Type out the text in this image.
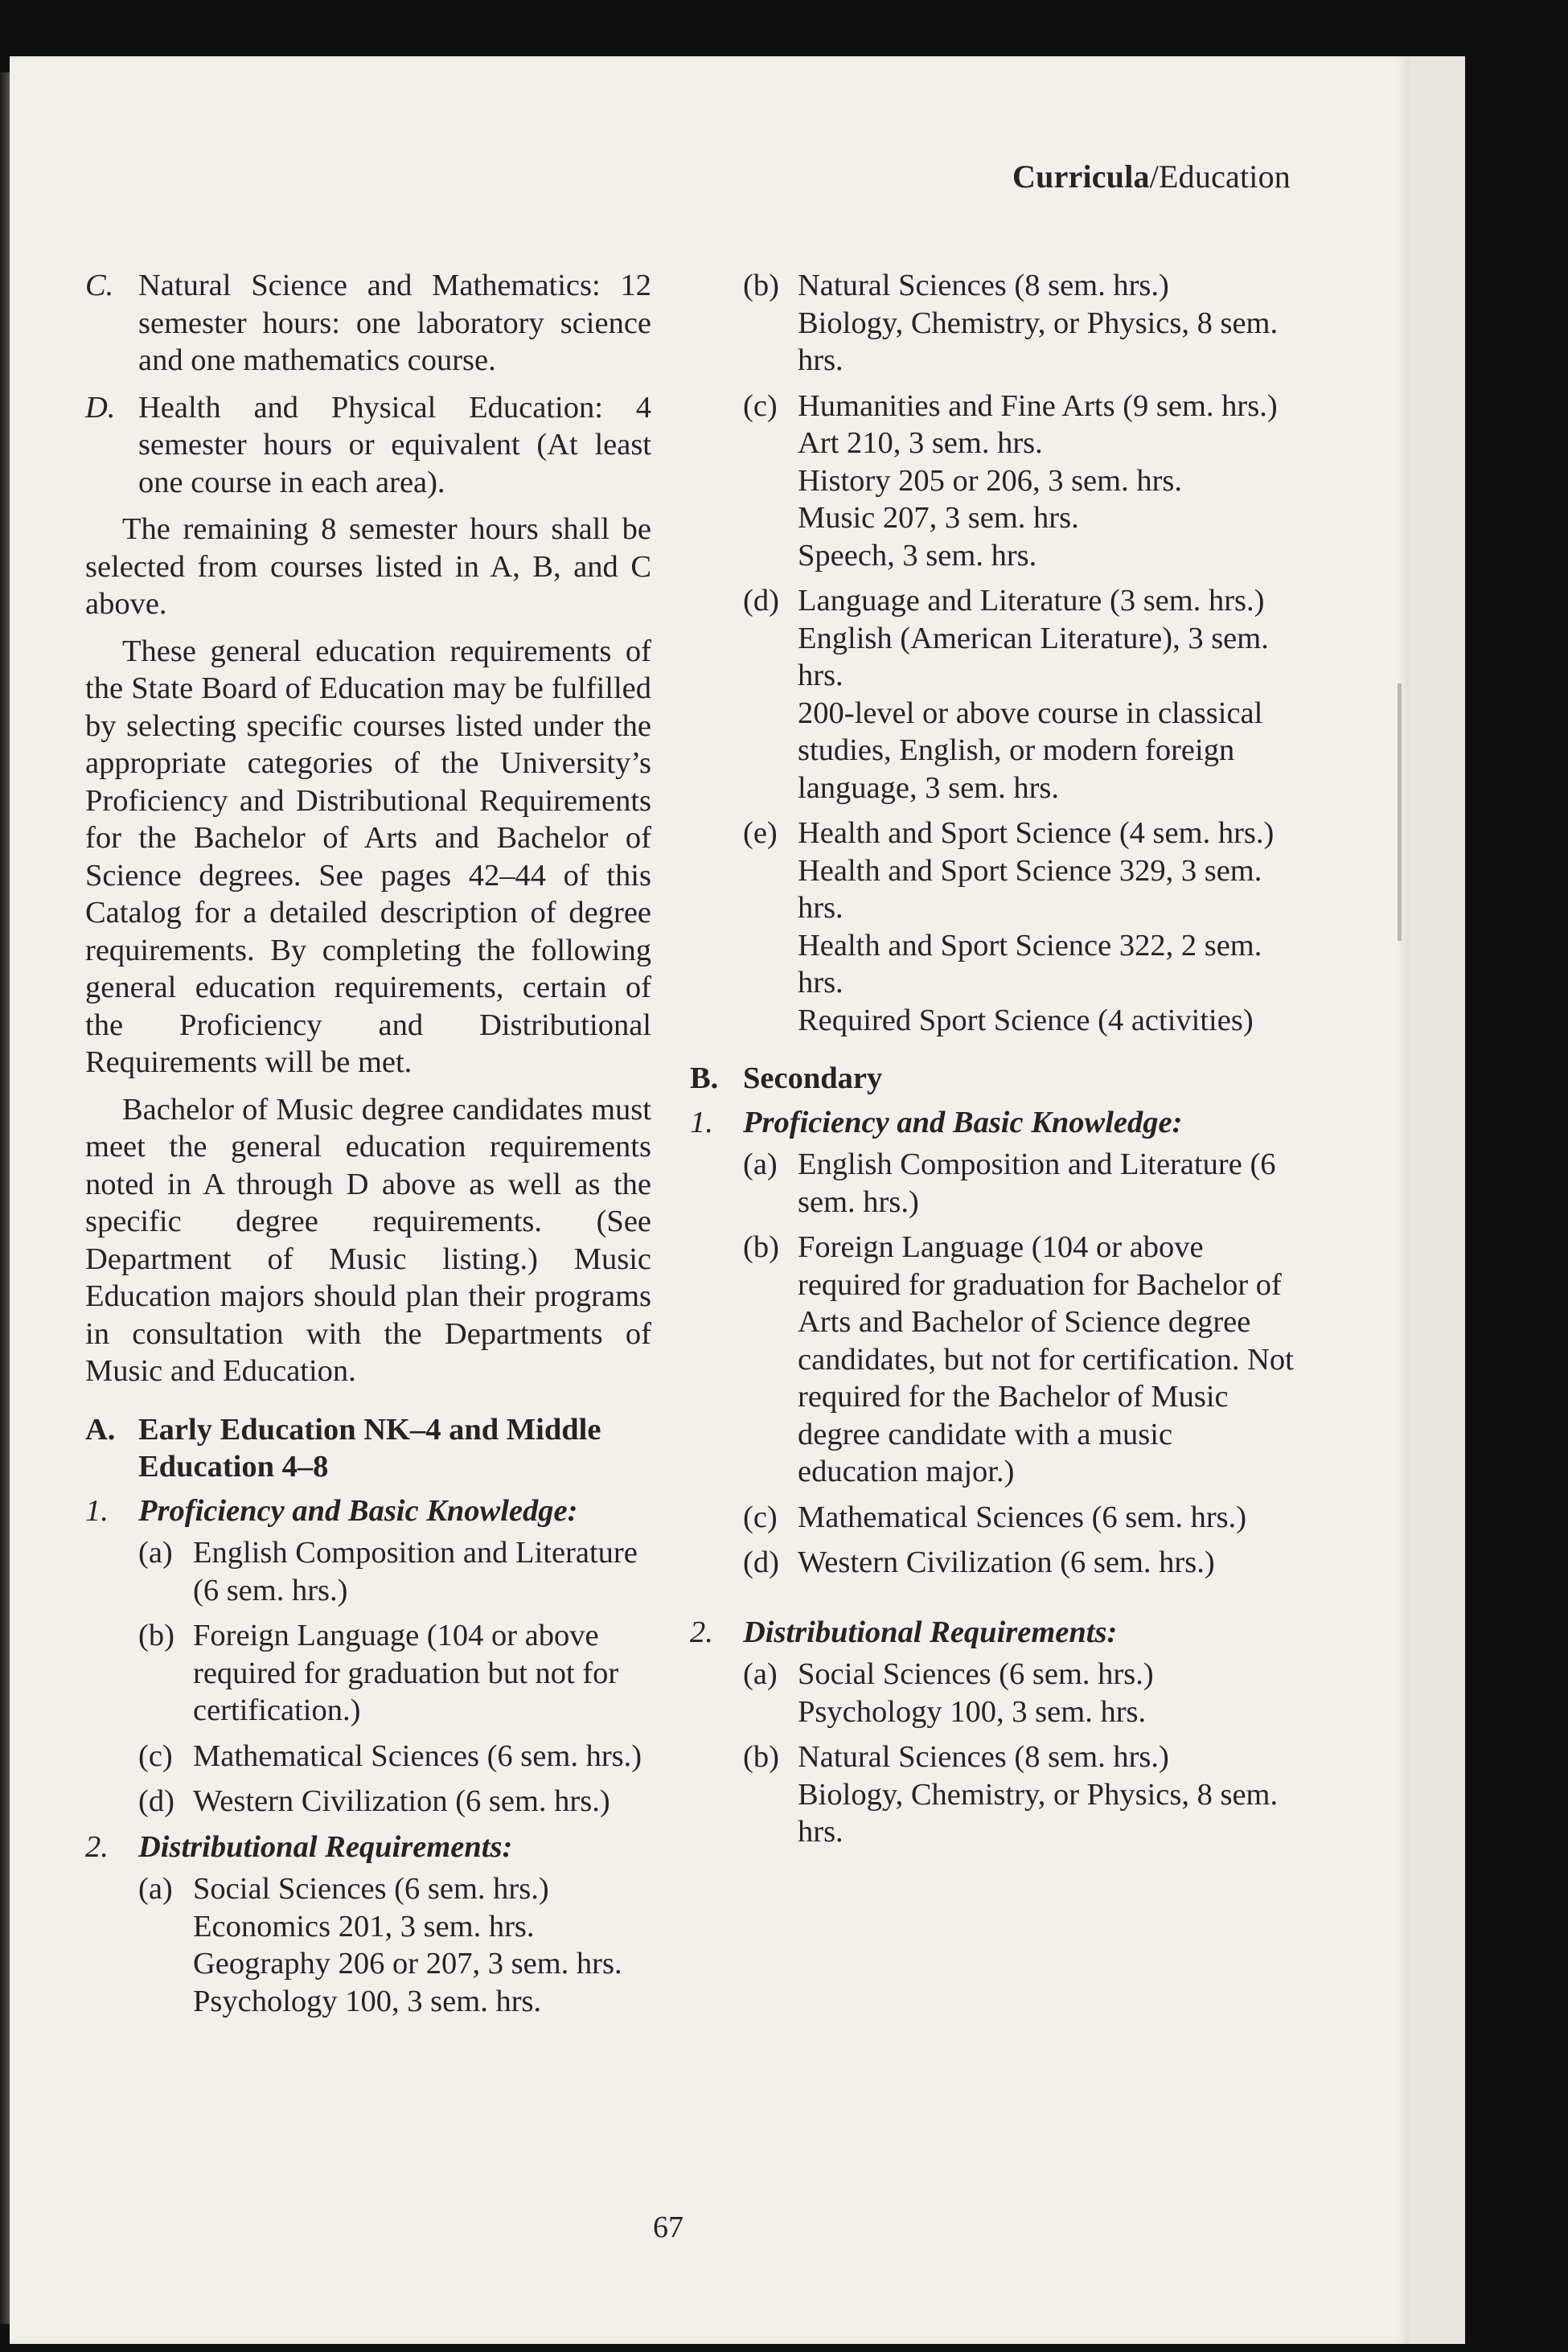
Curricula/Education
C. Natural Science and Mathematics: 12 semester hours: one laboratory science and one mathematics course.
D. Health and Physical Education: 4 semester hours or equivalent (At least one course in each area).

The remaining 8 semester hours shall be selected from courses listed in A, B, and C above.

These general education requirements of the State Board of Education may be fulfilled by selecting specific courses listed under the appropriate categories of the University’s Proficiency and Distributional Requirements for the Bachelor of Arts and Bachelor of Science degrees. See pages 42–44 of this Catalog for a detailed description of degree requirements. By completing the following general education requirements, certain of the Proficiency and Distributional Requirements will be met.

Bachelor of Music degree candidates must meet the general education requirements noted in A through D above as well as the specific degree requirements. (See Department of Music listing.) Music Education majors should plan their programs in consultation with the Departments of Music and Education.

A. Early Education NK–4 and Middle Education 4–8
1. Proficiency and Basic Knowledge:
(a) English Composition and Literature (6 sem. hrs.)
(b) Foreign Language (104 or above required for graduation but not for certification.)
(c) Mathematical Sciences (6 sem. hrs.)
(d) Western Civilization (6 sem. hrs.)
2. Distributional Requirements:
(a) Social Sciences (6 sem. hrs.)
Economics 201, 3 sem. hrs.
Geography 206 or 207, 3 sem. hrs.
Psychology 100, 3 sem. hrs.
(b) Natural Sciences (8 sem. hrs.)
Biology, Chemistry, or Physics, 8 sem. hrs.
(c) Humanities and Fine Arts (9 sem. hrs.)
Art 210, 3 sem. hrs.
History 205 or 206, 3 sem. hrs.
Music 207, 3 sem. hrs.
Speech, 3 sem. hrs.
(d) Language and Literature (3 sem. hrs.)
English (American Literature), 3 sem. hrs.
200-level or above course in classical studies, English, or modern foreign language, 3 sem. hrs.
(e) Health and Sport Science (4 sem. hrs.)
Health and Sport Science 329, 3 sem. hrs.
Health and Sport Science 322, 2 sem. hrs.
Required Sport Science (4 activities)
B. Secondary
1. Proficiency and Basic Knowledge:
(a) English Composition and Literature (6 sem. hrs.)
(b) Foreign Language (104 or above required for graduation for Bachelor of Arts and Bachelor of Science degree candidates, but not for certification. Not required for the Bachelor of Music degree candidate with a music education major.)
(c) Mathematical Sciences (6 sem. hrs.)
(d) Western Civilization (6 sem. hrs.)
2. Distributional Requirements:
(a) Social Sciences (6 sem. hrs.)
Psychology 100, 3 sem. hrs.
(b) Natural Sciences (8 sem. hrs.)
Biology, Chemistry, or Physics, 8 sem. hrs.
67
